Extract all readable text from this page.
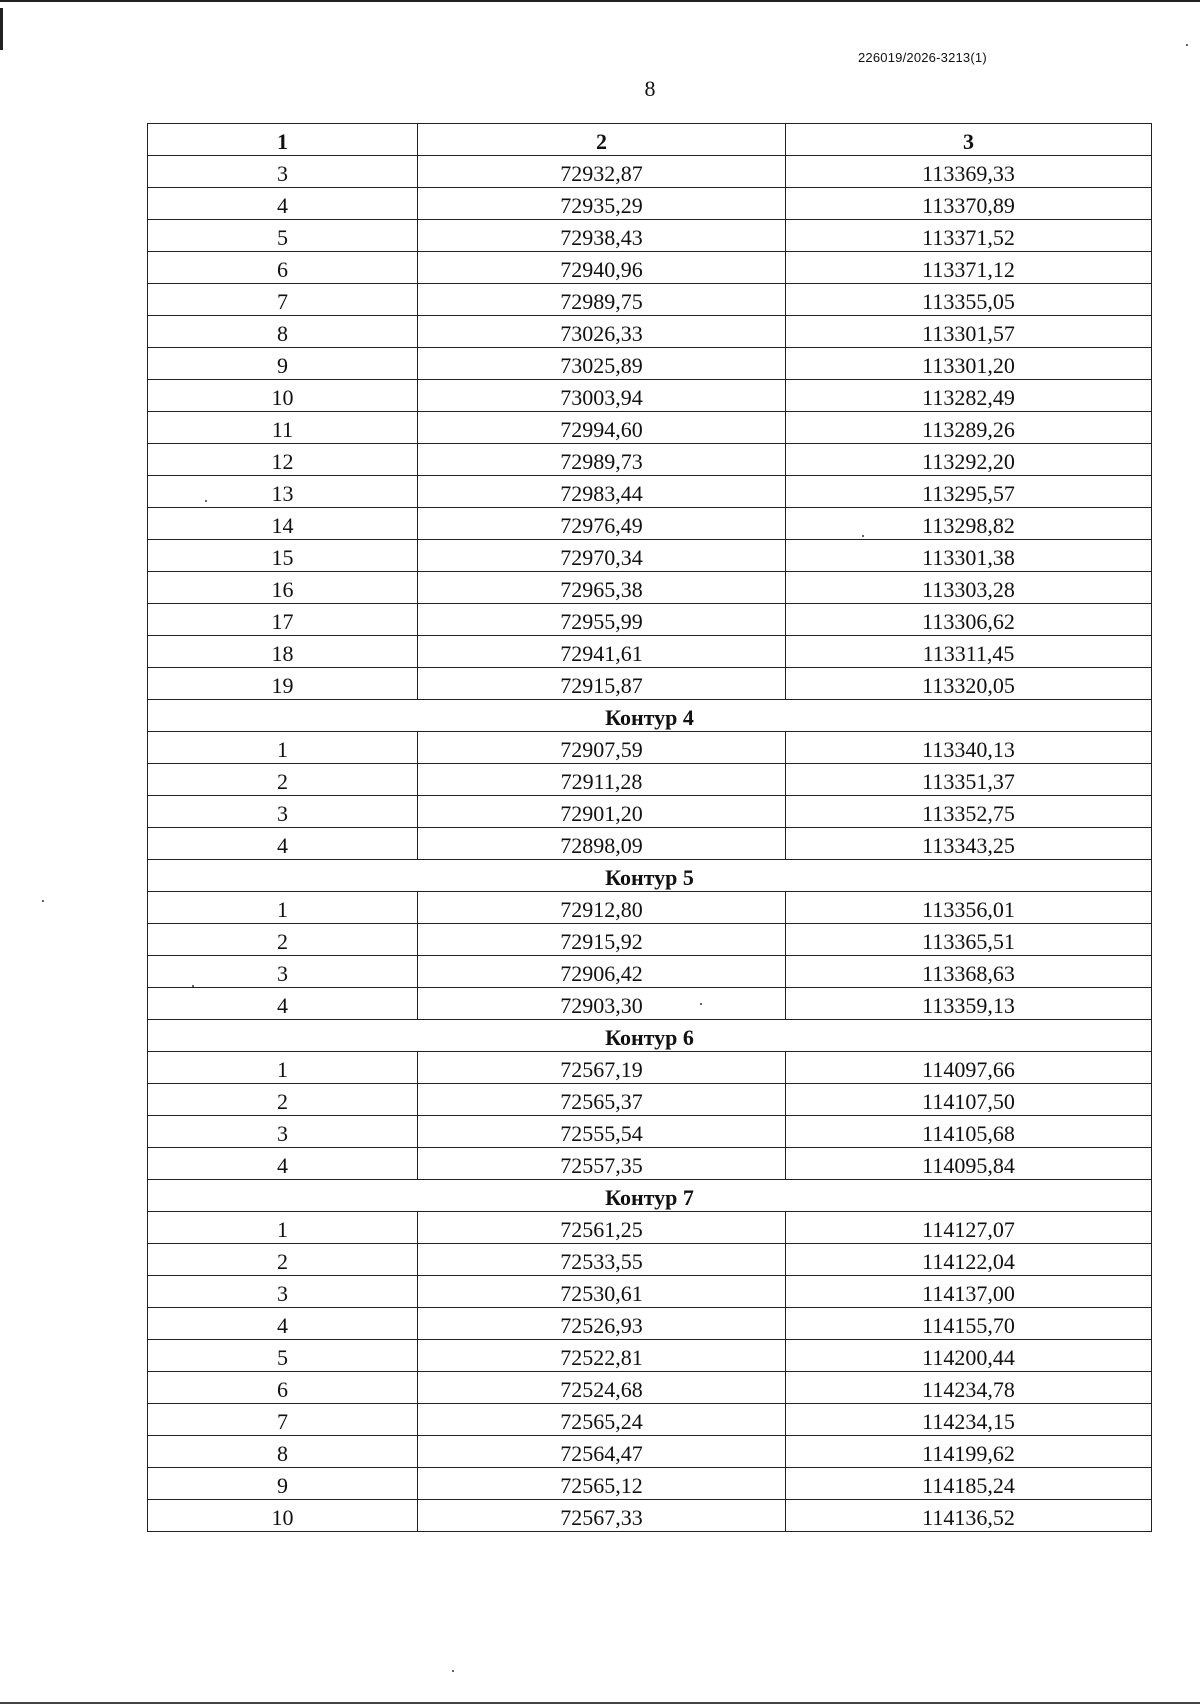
226019/2026-3213(1)
8
1	2	3
3	72932,87	113369,33
4	72935,29	113370,89
5	72938,43	113371,52
6	72940,96	113371,12
7	72989,75	113355,05
8	73026,33	113301,57
9	73025,89	113301,20
10	73003,94	113282,49
11	72994,60	113289,26
12	72989,73	113292,20
13	72983,44	113295,57
14	72976,49	113298,82
15	72970,34	113301,38
16	72965,38	113303,28
17	72955,99	113306,62
18	72941,61	113311,45
19	72915,87	113320,05
Контур 4		
1	72907,59	113340,13
2	72911,28	113351,37
3	72901,20	113352,75
4	72898,09	113343,25
Контур 5		
1	72912,80	113356,01
2	72915,92	113365,51
3	72906,42	113368,63
4	72903,30	113359,13
Контур 6		
1	72567,19	114097,66
2	72565,37	114107,50
3	72555,54	114105,68
4	72557,35	114095,84
Контур 7		
1	72561,25	114127,07
2	72533,55	114122,04
3	72530,61	114137,00
4	72526,93	114155,70
5	72522,81	114200,44
6	72524,68	114234,78
7	72565,24	114234,15
8	72564,47	114199,62
9	72565,12	114185,24
10	72567,33	114136,52
